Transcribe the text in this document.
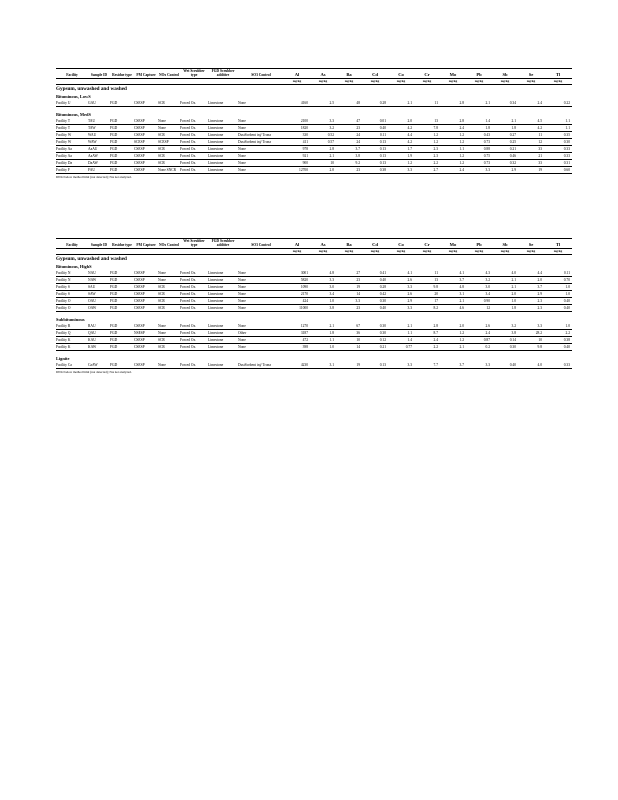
Facility	Sample ID	Residue type	PM Capture	NOx Control	Wet Scrubber type	FGD Scrubber additive	SO3 Control	Al	As	Ba	Cd	Co	Cr	Mo	Pb	Sb	Se	Tl
								mg/kg	mg/kg	mg/kg	mg/kg	mg/kg	mg/kg	mg/kg	mg/kg	mg/kg	mg/kg	mg/kg
Gypsum, unwashed and washed																		
Bituminous, LowS																		
Facility U	GAU	FGD	CSESP	SCR	Forced Ox.	Limestone	None	4160	2.5	48	0.28	2.1	11	2.8	2.1	0.34	2.4	0.22

Bituminous, MedS																		
Facility T	TAU	FGD	CSESP	None	Forced Ox.	Limestone	None	2100	3.3	47	0.01	2.0	13	2.8	1.4	2.1	4.5	1.1
Facility T	TAW	FGD	CSESP	None	Forced Ox.	Limestone	None	1820	3.2	23	0.40	4.2	7.8	2.4	1.8	1.8	4.2	1.1
Facility W	WAU	FGD	CSESP	SCR	Forced Ox.	Limestone	DustSorbent inj/ Trona	330	0.52	24	0.11	4.4	1.2	1.2	0.43	0.27	11	0.35
Facility W	WAW	FGD	SCESP	SCESP	Forced Ox.	Limestone	DustSorbent inj/ Trona	411	0.57	24	0.13	4.2	1.2	1.2	0.73	0.25	12	0.30
Facility Aa	AaAU	FGD	CSESP	SCR	Forced Ox.	Limestone	None	978	2.8	3.7	0.13	1.7	2.3	1.1	0.88	0.21	33	0.33
Facility Aa	AaAW	FGD	CSESP	SCR	Forced Ox.	Limestone	None	921	2.1	3.8	0.13	1.9	2.3	1.2	0.75	0.46	21	0.33
Facility Da	DaAW	FGD	CSESP	SCR	Forced Ox.	Limestone	None	900	10	9.2	0.13	1.2	2.2	1.2	0.73	0.32	33	0.31
Facility F	FAU	FGD	CSESP	None SNCR	Forced Ox.	Limestone	None	12700	2.0	23	0.38	3.3	2.7	2.4	3.3	2.9	19	0.60
DNLI below method limit (not detected); NA not analyzed.
Facility	Sample ID	Residue type	PM Capture	NOx Control	Wet Scrubber type	FGD Scrubber additive	SO3 Control	Al	As	Ba	Cd	Co	Cr	Mo	Pb	Sb	Se	Tl
								mg/kg	mg/kg	mg/kg	mg/kg	mg/kg	mg/kg	mg/kg	mg/kg	mg/kg	mg/kg	mg/kg
Gypsum, unwashed and washed																		
Bituminous, HighS																		
Facility N	NAU	FGD	CSESP	None	Forced Ox.	Limestone	None	3001	4.8	27	0.41	4.1	11	4.1	4.3	4.0	4.4	0.11
Facility N	NAW	FGD	CSESP	None	Forced Ox.	Limestone	None	5820	3.3	23	0.40	2.6	13	3.7	3.2	2.1	2.0	0.70
Facility S	SAU	FGD	CSESP	SCR	Forced Ox.	Limestone	None	1090	3.0	19	0.28	3.3	9.8	4.8	3.0	2.1	3.7	1.0
Facility S	SAW	FGD	CSESP	SCR	Forced Ox.	Limestone	None	2170	3.4	14	0.42	2.6	20	3.1	3.4	2.0	2.9	1.0
Facility O	OAU	FGD	CSESP	SCR	Forced Ox.	Limestone	None	424	1.0	3.3	0.30	2.9	17	2.1	0.90	1.0	2.3	0.40
Facility O	OAW	FGD	CSESP	SCR	Forced Ox.	Limestone	None	11000	3.8	23	0.40	3.3	8.2	4.6	12	1.8	2.3	0.40

Subbituminous																		
Facility R	RAU	FGD	CSESP	None	Forced Ox.	Limestone	None	1270	2.1	67	0.30	2.1	2.8	2.0	2.6	3.2	3.3	1.0
Facility Q	QAU	FGD	NSESP	None	Forced Ox.	Limestone	Other	3187	1.8	36	0.30	1.1	8.7	1.2	2.4	3.8	28.2	2.2
Facility K	KAU	FGD	CSESP	SCR	Forced Ox.	Limestone	None	472	1.1	10	0.12	1.4	2.4	1.2	0.87	0.14	10	0.38
Facility K	KAW	FGD	CSESP	SCR	Forced Ox.	Limestone	None	398	1.0	14	0.21	0.77	2.2	2.1	0.2	0.30	9.8	0.40

Lignite																		
Facility Ca	CaAW	FGD	CSESP	None	Forced Ox.	Limestone	DustSorbent inj/ Trona	4230	3.1	19	0.13	3.3	7.7	3.7	3.3	0.40	4.0	0.33
DNLI below method limit (not detected); NA not analyzed.
